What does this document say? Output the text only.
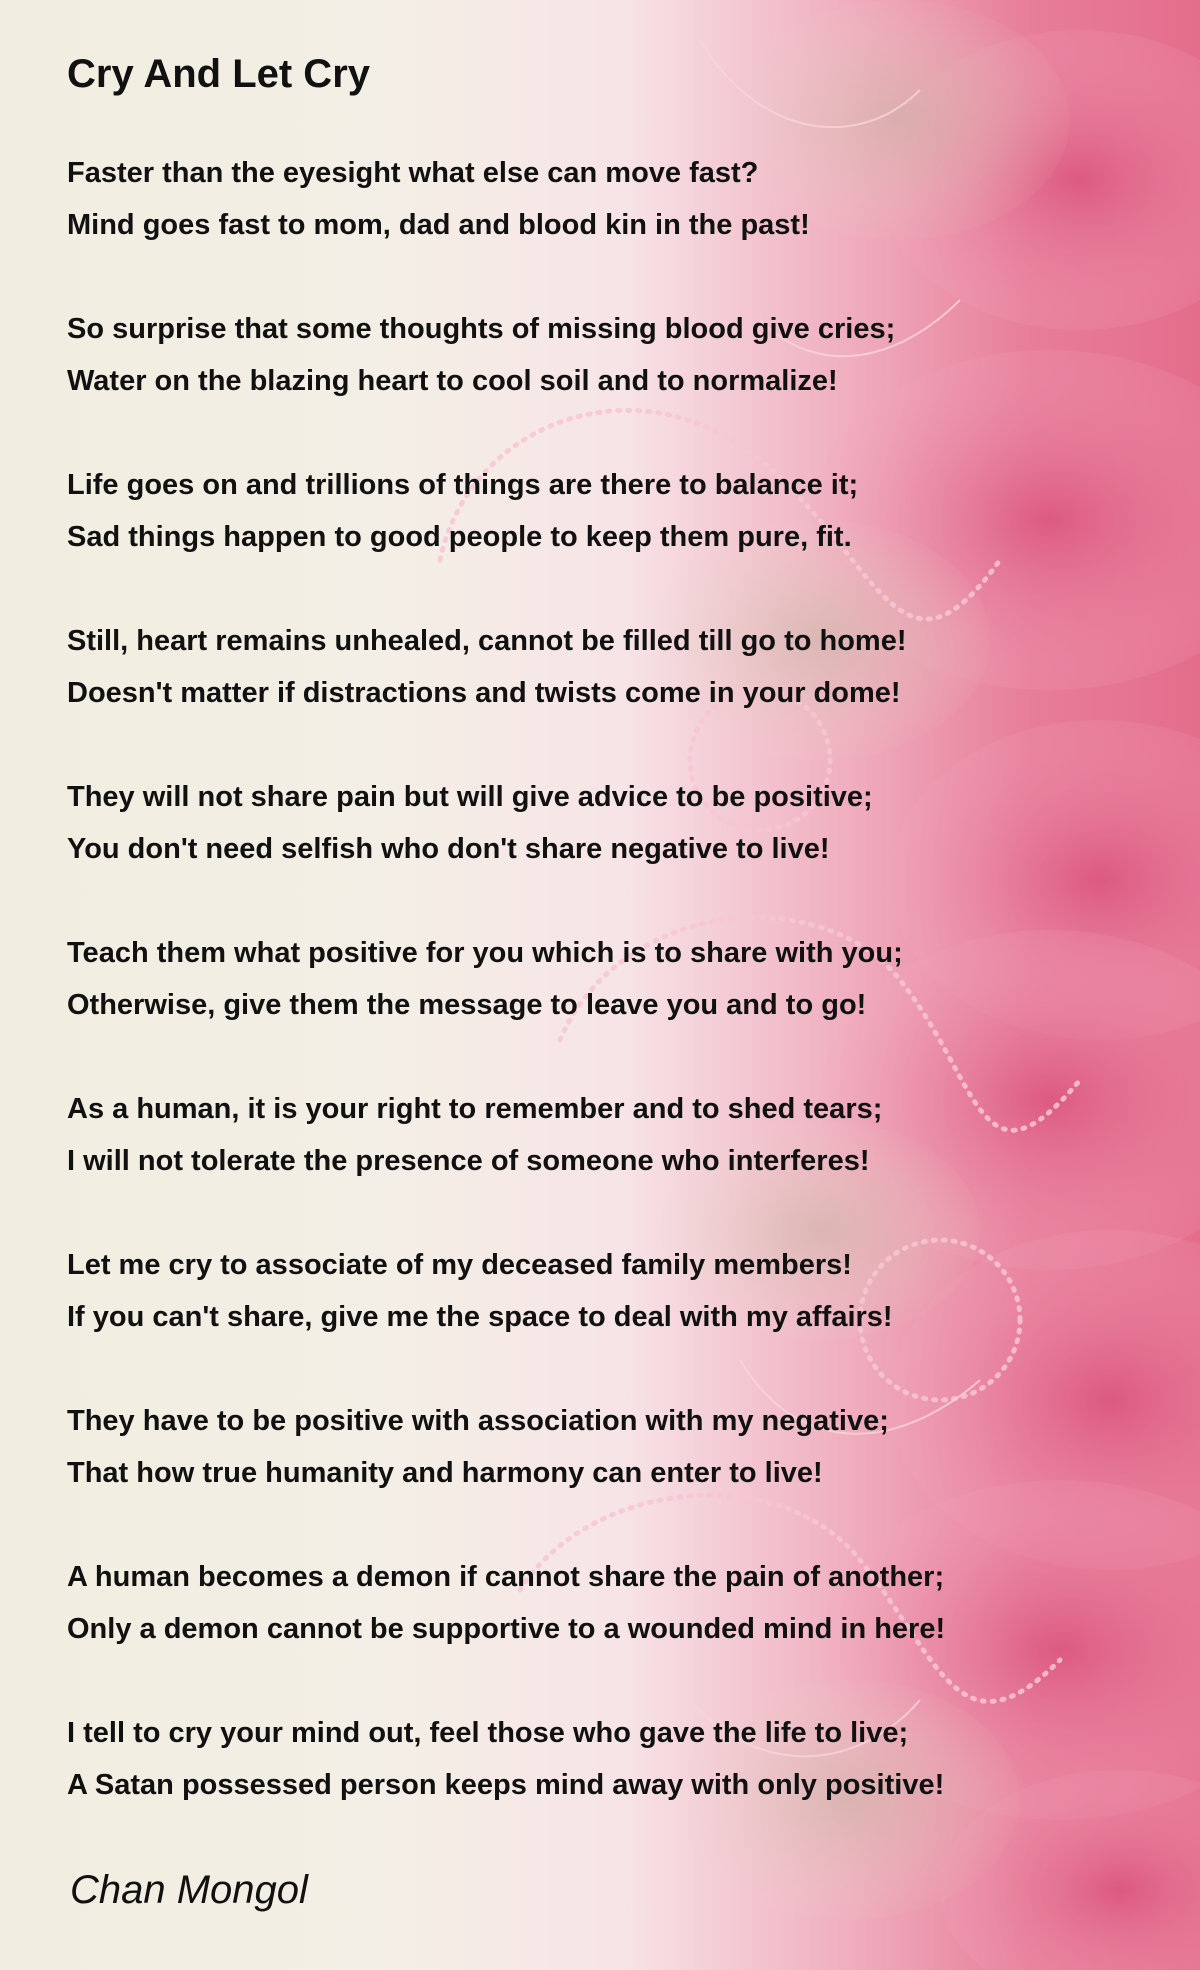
Cry And Let Cry
Faster than the eyesight what else can move fast?
Mind goes fast to mom, dad and blood kin in the past!
So surprise that some thoughts of missing blood give cries;
Water on the blazing heart to cool soil and to normalize!
Life goes on and trillions of things are there to balance it;
Sad things happen to good people to keep them pure, fit.
Still, heart remains unhealed, cannot be filled till go to home!
Doesn't matter if distractions and twists come in your dome!
They will not share pain but will give advice to be positive;
You don't need selfish who don't share negative to live!
Teach them what positive for you which is to share with you;
Otherwise, give them the message to leave you and to go!
As a human, it is your right to remember and to shed tears;
I will not tolerate the presence of someone who interferes!
Let me cry to associate of my deceased family members!
If you can't share, give me the space to deal with my affairs!
They have to be positive with association with my negative;
That how true humanity and harmony can enter to live!
A human becomes a demon if cannot share the pain of another;
Only a demon cannot be supportive to a wounded mind in here!
I tell to cry your mind out, feel those who gave the life to live;
A Satan possessed person keeps mind away with only positive!
Chan Mongol
